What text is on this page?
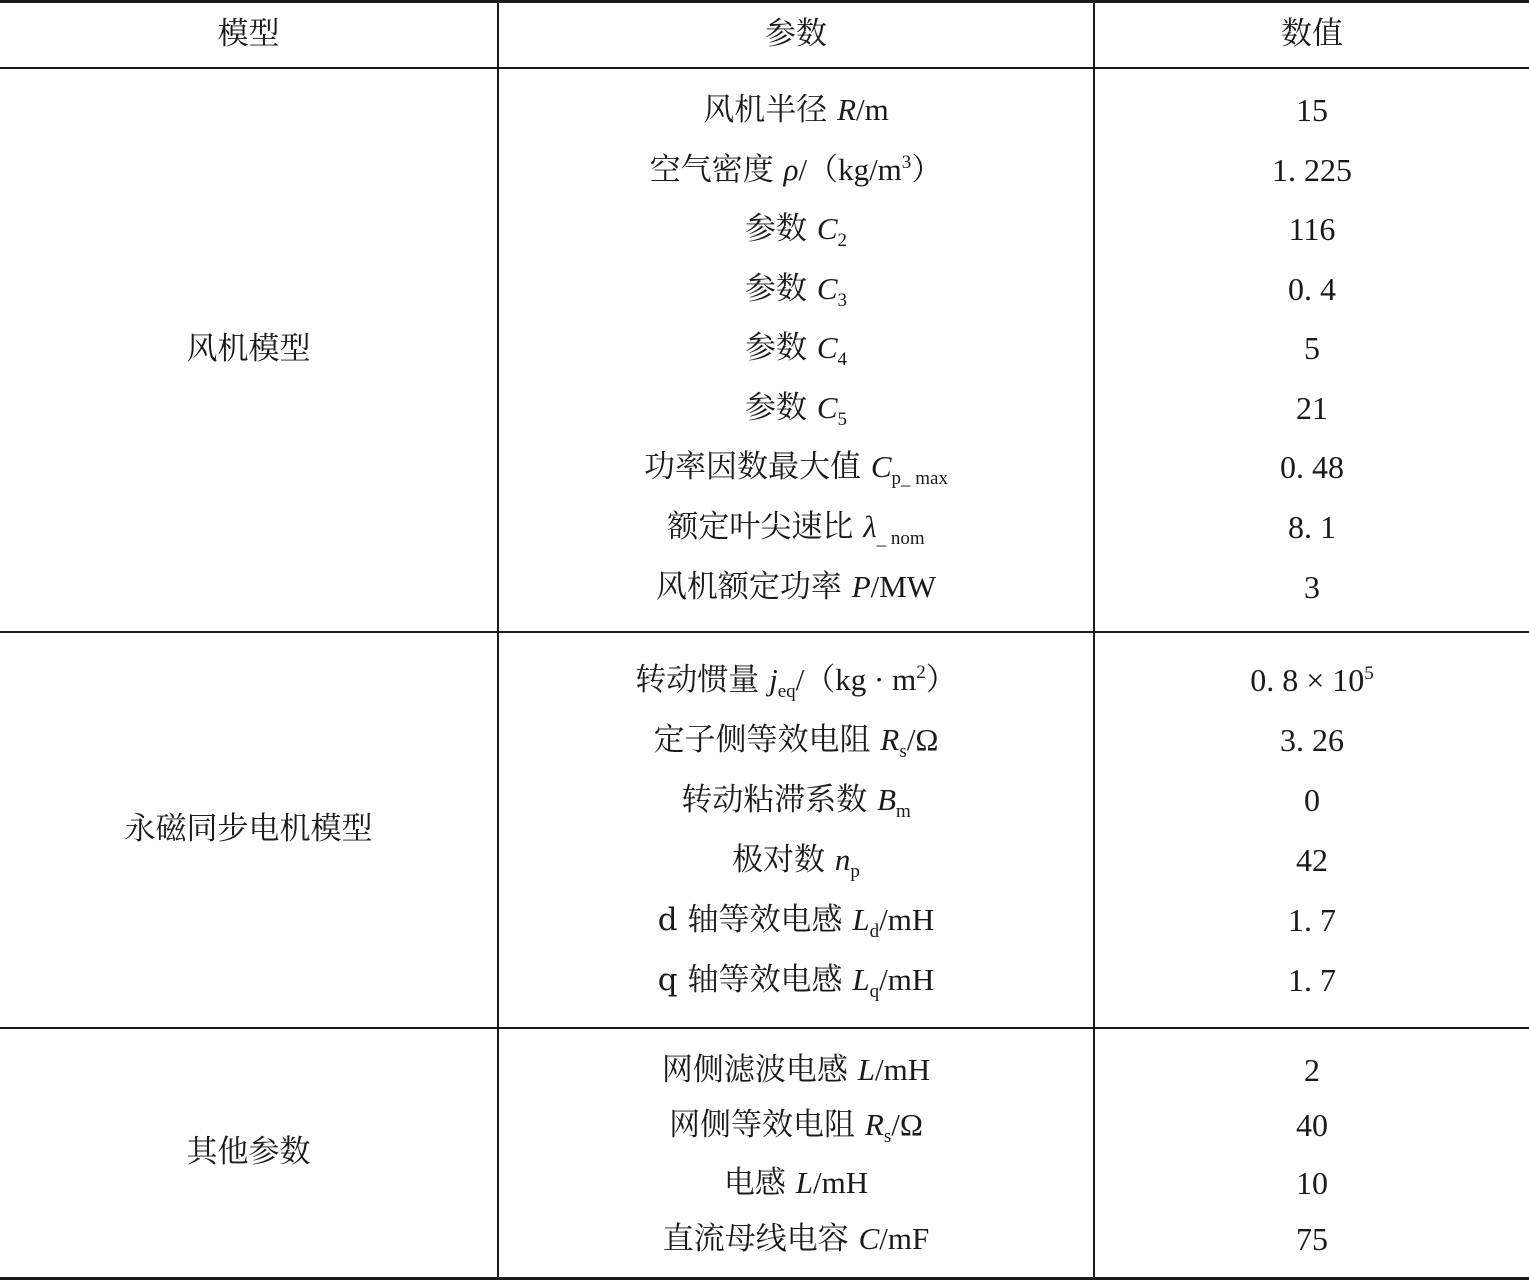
模型	参数	数值
风机模型
风机半径 R/m	15
空气密度 $\rho/(kg/m^3)$	1. 225
参数 $C_2$	116
参数 $C_3$	0. 4
参数 $C_4$	5
参数 $C_5$	21
功率因数最大值 $C_{p\_ max}$	0. 48
额定叶尖速比 $\lambda_{\_ nom}$	8. 1
风机额定功率 P/MW	3
永磁同步电机模型
转动惯量 $j_{eq}/(kg \cdot m^2)$	0. $8 \times 10^5$
定子侧等效电阻 $R_s/\Omega$	3. 26
转动粘滞系数 $B_m$	0
极对数 $n_p$	42
d 轴等效电感 $L_d/mH$	1. 7
q 轴等效电感 $L_q/mH$	1. 7
其他参数
网侧滤波电感 L/mH	2
网侧等效电阻 $R_s/\Omega$	40
电感 L/mH	10
直流母线电容 C/mF	75
